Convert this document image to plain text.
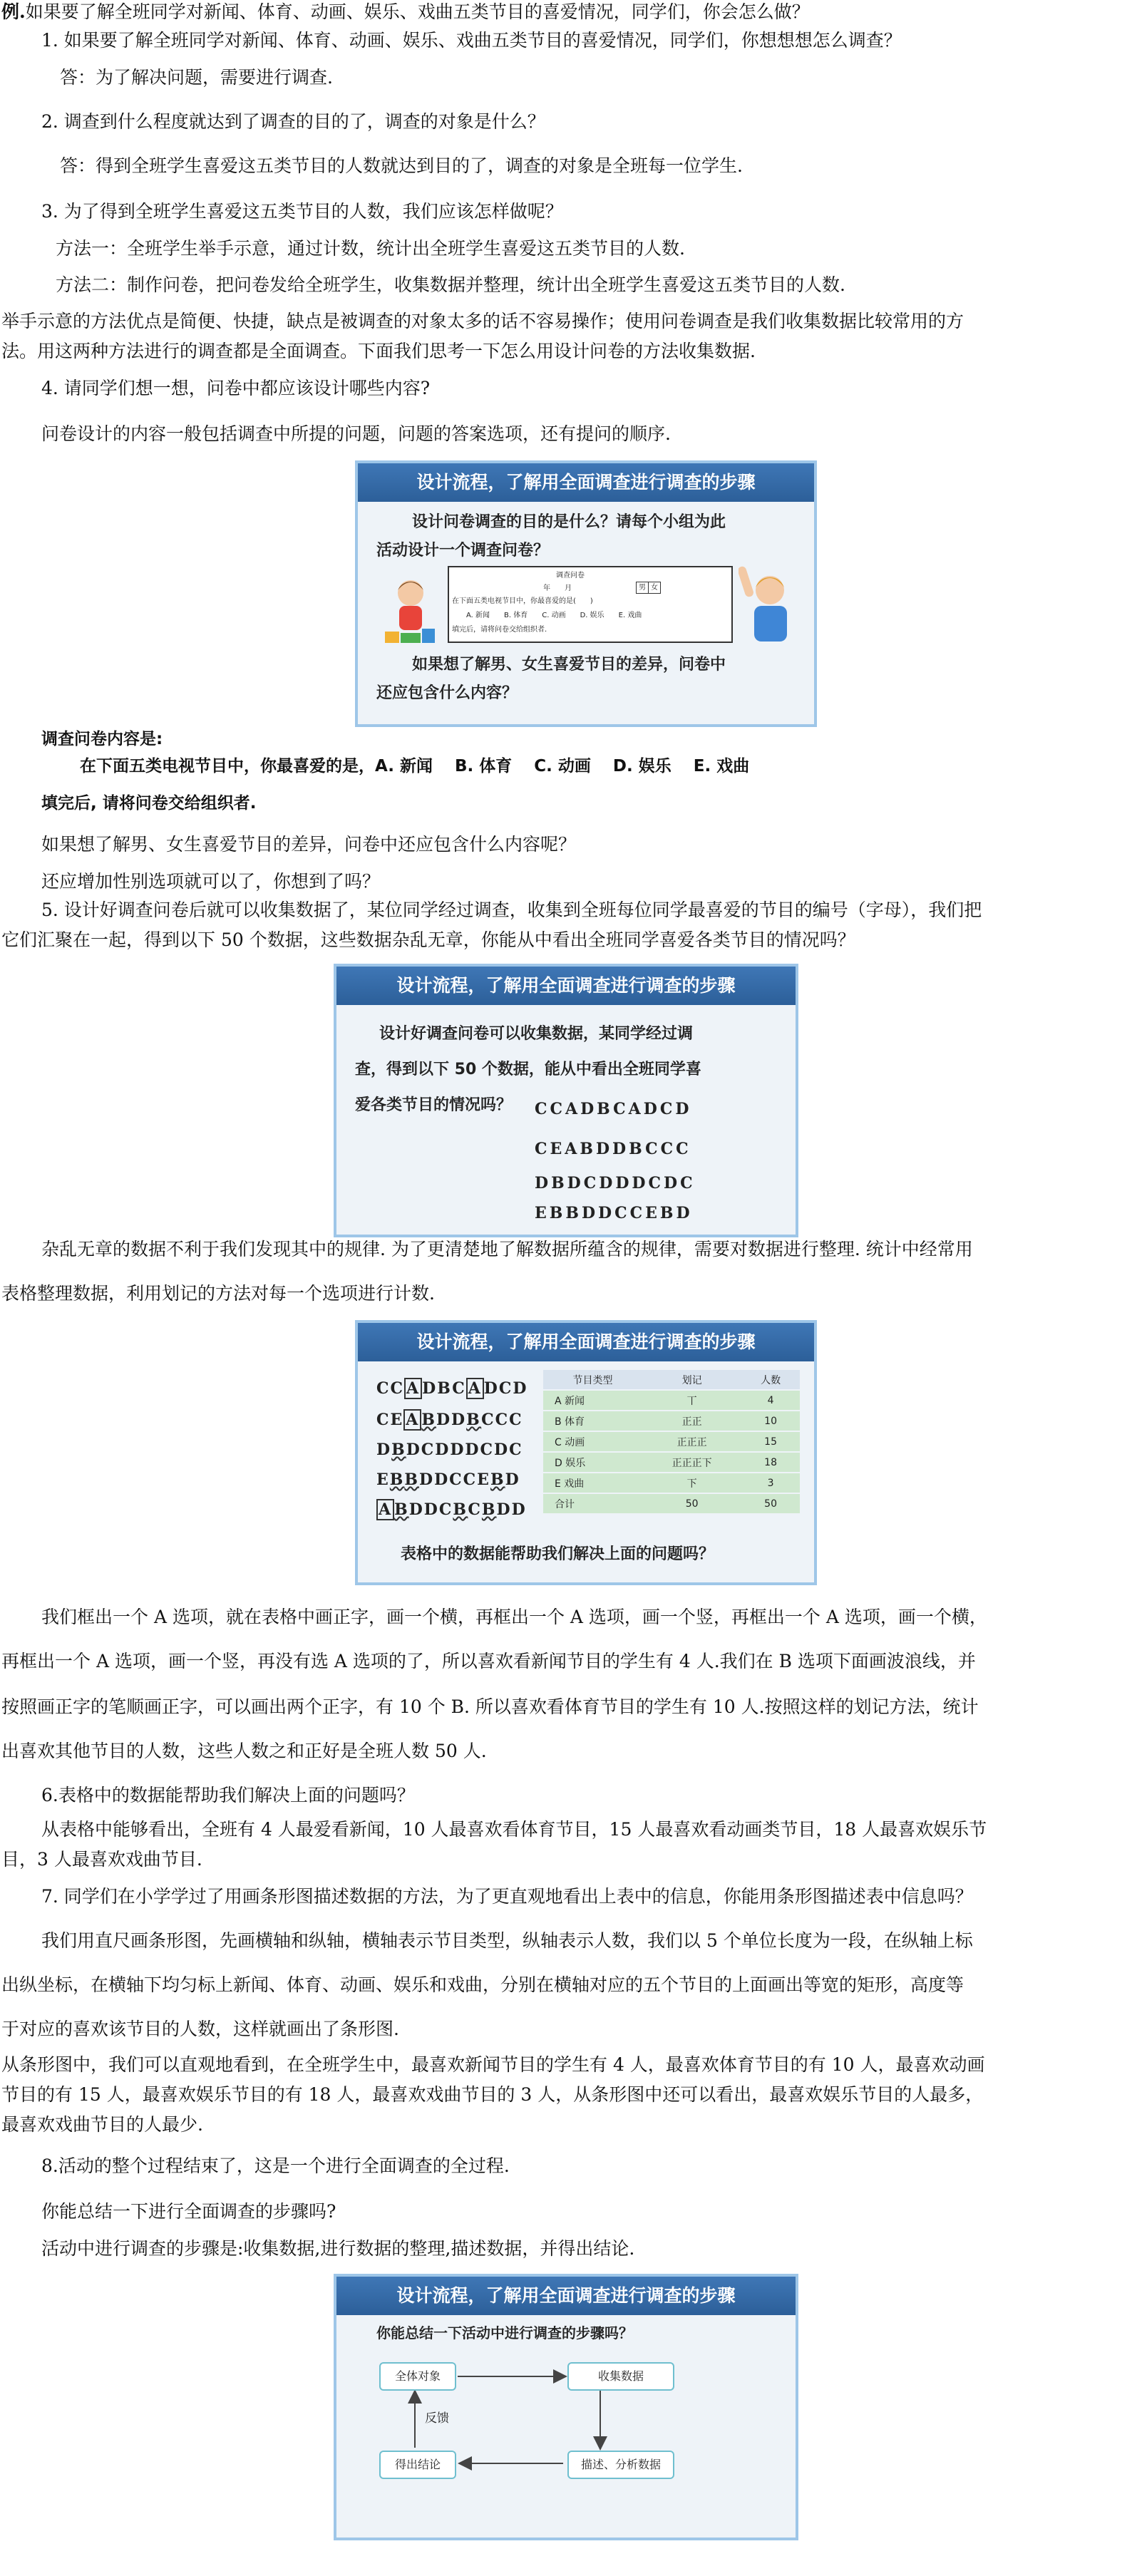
例.如果要了解全班同学对新闻、体育、动画、娱乐、戏曲五类节目的喜爱情况，同学们，你会怎么做？

1. 如果要了解全班同学对新闻、体育、动画、娱乐、戏曲五类节目的喜爱情况，同学们，你想想想怎么调查？

答：为了解决问题，需要进行调查.

2. 调查到什么程度就达到了调查的目的了，调查的对象是什么？

答：得到全班学生喜爱这五类节目的人数就达到目的了，调查的对象是全班每一位学生.

3. 为了得到全班学生喜爱这五类节目的人数，我们应该怎样做呢？

方法一：全班学生举手示意，通过计数，统计出全班学生喜爱这五类节目的人数.

方法二：制作问卷，把问卷发给全班学生，收集数据并整理，统计出全班学生喜爱这五类节目的人数.

举手示意的方法优点是简便、快捷，缺点是被调查的对象太多的话不容易操作；使用问卷调查是我们收集数据比较常用的方

法。用这两种方法进行的调查都是全面调查。下面我们思考一下怎么用设计问卷的方法收集数据.

4. 请同学们想一想，问卷中都应该设计哪些内容?

问卷设计的内容一般包括调查中所提的问题，问题的答案选项，还有提问的顺序.

设计流程，了解用全面调查进行调查的步骤
设计问卷调查的目的是什么？请每个小组为此
活动设计一个调查问卷？
调查问卷
年　　月	男 女
在下面五类电视节目中，你最喜爱的是(　　)
A. 新闻　　B. 体育　　C. 动画　　D. 娱乐　　E. 戏曲
填完后，请将问卷交给组织者.
如果想了解男、女生喜爱节目的差异，问卷中
还应包含什么内容？

调查问卷内容是:

在下面五类电视节目中，你最喜爱的是，A. 新闻　 B. 体育　 C. 动画　 D. 娱乐　 E. 戏曲

填完后, 请将问卷交给组织者.

如果想了解男、女生喜爱节目的差异，问卷中还应包含什么内容呢？

还应增加性别选项就可以了，你想到了吗？

5. 设计好调查问卷后就可以收集数据了，某位同学经过调查，收集到全班每位同学最喜爱的节目的编号（字母），我们把

它们汇聚在一起，得到以下 50 个数据，这些数据杂乱无章，你能从中看出全班同学喜爱各类节目的情况吗？

设计流程，了解用全面调查进行调查的步骤
设计好调查问卷可以收集数据，某同学经过调
查，得到以下 50 个数据，能从中看出全班同学喜
爱各类节目的情况吗？ CCADBCADCD
CEABDDBCCC
DBDCDDDCDC
EBBDDCCEBD

杂乱无章的数据不利于我们发现其中的规律. 为了更清楚地了解数据所蕴含的规律，需要对数据进行整理. 统计中经常用

表格整理数据，利用划记的方法对每一个选项进行计数.

设计流程，了解用全面调查进行调查的步骤
CC A DBC A DCD
CE A BDDBCCC
DBDCDDDCDC
EBBDDCCEBD
A BDDCBCBDD
节目类型	划记	人数
A 新闻	丅	4
B 体育	正正	10
C 动画	正正正	15
D 娱乐	正正正下	18
E 戏曲	下	3
合计	50	50
表格中的数据能帮助我们解决上面的问题吗？

我们框出一个 A 选项，就在表格中画正字，画一个横，再框出一个 A 选项，画一个竖，再框出一个 A 选项，画一个横，

再框出一个 A 选项，画一个竖，再没有选 A 选项的了，所以喜欢看新闻节目的学生有 4 人.我们在 B 选项下面画波浪线，并

按照画正字的笔顺画正字，可以画出两个正字，有 10 个 B. 所以喜欢看体育节目的学生有 10 人.按照这样的划记方法，统计

出喜欢其他节目的人数，这些人数之和正好是全班人数 50 人.

6.表格中的数据能帮助我们解决上面的问题吗？

从表格中能够看出，全班有 4 人最爱看新闻，10 人最喜欢看体育节目，15 人最喜欢看动画类节目，18 人最喜欢娱乐节

目，3 人最喜欢戏曲节目.

7. 同学们在小学学过了用画条形图描述数据的方法，为了更直观地看出上表中的信息，你能用条形图描述表中信息吗？

我们用直尺画条形图，先画横轴和纵轴，横轴表示节目类型，纵轴表示人数，我们以 5 个单位长度为一段，在纵轴上标

出纵坐标，在横轴下均匀标上新闻、体育、动画、娱乐和戏曲，分别在横轴对应的五个节目的上面画出等宽的矩形，高度等

于对应的喜欢该节目的人数，这样就画出了条形图.

从条形图中，我们可以直观地看到，在全班学生中，最喜欢新闻节目的学生有 4 人，最喜欢体育节目的有 10 人，最喜欢动画

节目的有 15 人，最喜欢娱乐节目的有 18 人，最喜欢戏曲节目的 3 人，从条形图中还可以看出，最喜欢娱乐节目的人最多，

最喜欢戏曲节目的人最少.

8.活动的整个过程结束了，这是一个进行全面调查的全过程.

你能总结一下进行全面调查的步骤吗?

活动中进行调查的步骤是:收集数据,进行数据的整理,描述数据，并得出结论.

设计流程，了解用全面调查进行调查的步骤
你能总结一下活动中进行调查的步骤吗？
全体对象	收集数据
描述、分析数据
得出结论
反馈
